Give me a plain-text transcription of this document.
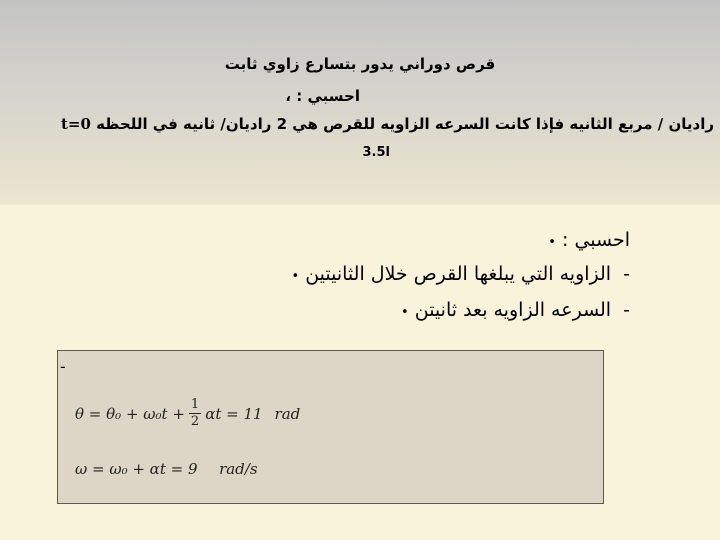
قرص دوراني يدور بتسارع زاوي ثابت
احسبي : ،
راديان / مربع الثانيه فإذا كانت السرعه الزاويه للقرص هي 2 راديان/ ثانيه في اللحظه t=0
3.5ا
احسبي : •
- الزاويه التي يبلغها القرص خلال الثانيتين •
- السرعه الزاويه بعد ثانيتن •
-
$\theta = \theta_0 + \omega_0t + \frac{1}{2}$ αt = 11 rad
ω = ω₀ + αt = 9 rad/s
